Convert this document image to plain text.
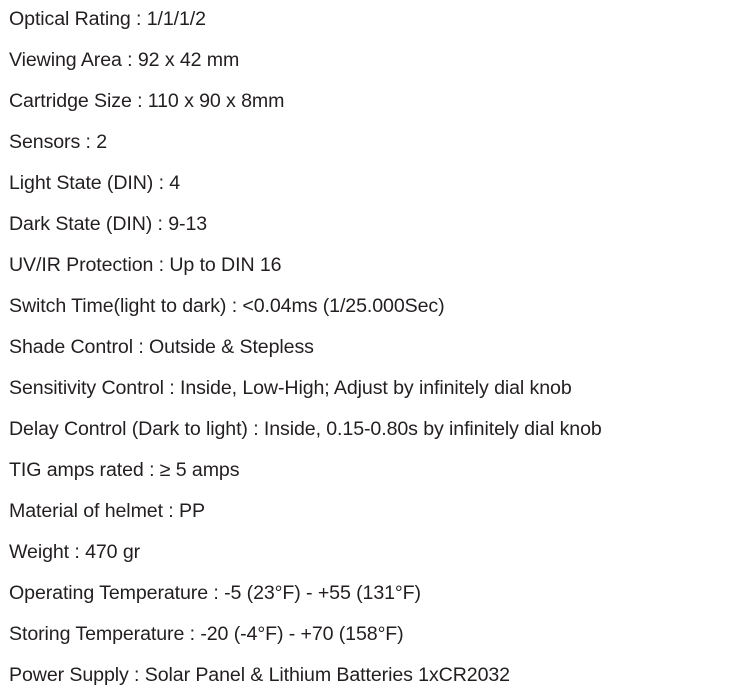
Optical Rating : 1/1/1/2
Viewing Area : 92 x 42 mm
Cartridge Size : 110 x 90 x 8mm
Sensors : 2
Light State (DIN) : 4
Dark State (DIN) : 9-13
UV/IR Protection : Up to DIN 16
Switch Time(light to dark) : <0.04ms (1/25.000Sec)
Shade Control : Outside & Stepless
Sensitivity Control : Inside, Low-High; Adjust by infinitely dial knob
Delay Control (Dark to light) : Inside, 0.15-0.80s by infinitely dial knob
TIG amps rated : ≥ 5 amps
Material of helmet : PP
Weight : 470 gr
Operating Temperature : -5 (23°F) - +55 (131°F)
Storing Temperature : -20 (-4°F) - +70 (158°F)
Power Supply : Solar Panel & Lithium Batteries 1xCR2032
